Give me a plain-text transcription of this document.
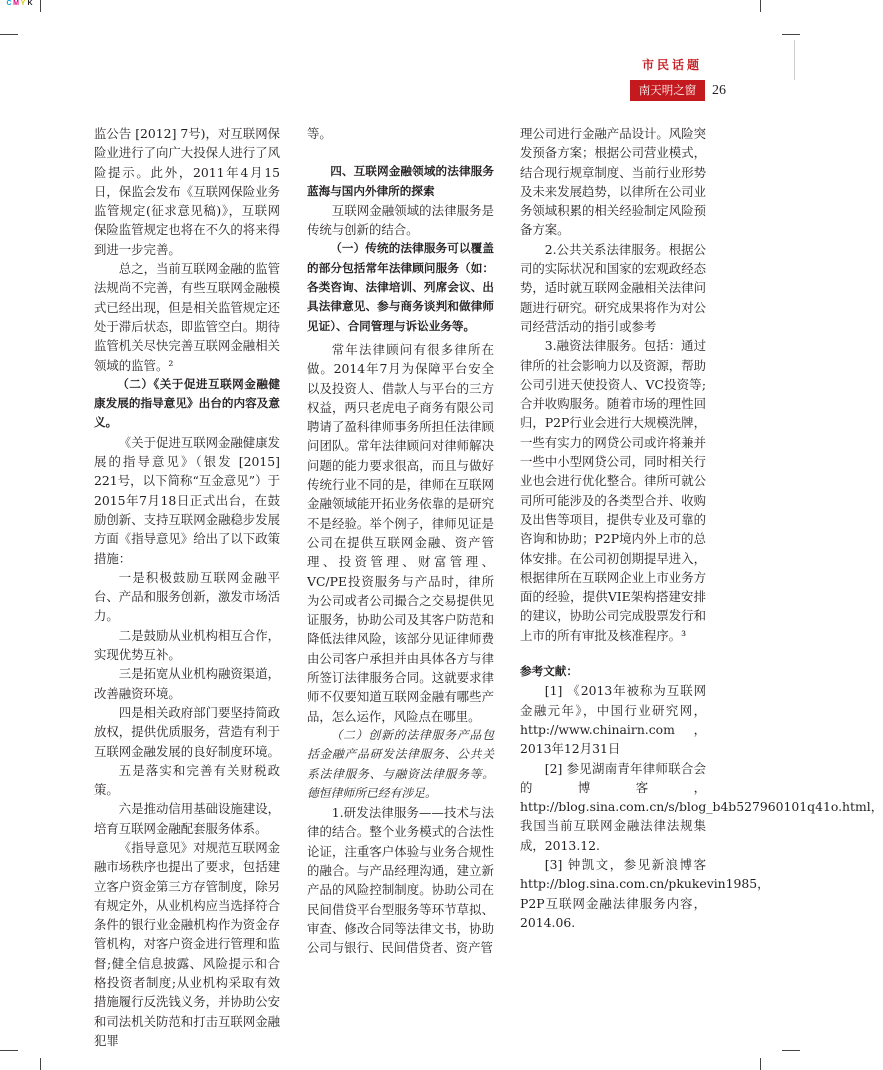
C M Y K
市民话题
南天明之窗	26

监公告 [2012] 7号)，对互联网保险业进行了向广大投保人进行了风险提示。此外，2011年4月15日，保监会发布《互联网保险业务监管规定(征求意见稿)》，互联网保险监管规定也将在不久的将来得到进一步完善。

总之，当前互联网金融的监管法规尚不完善，有些互联网金融模式已经出现，但是相关监管规定还处于滞后状态，即监管空白。期待监管机关尽快完善互联网金融相关领域的监管。²

（二）《关于促进互联网金融健康发展的指导意见》出台的内容及意义。

《关于促进互联网金融健康发展的指导意见》（银发 [2015] 221号，以下简称“互金意见”）于2015年7月18日正式出台，在鼓励创新、支持互联网金融稳步发展方面《指导意见》给出了以下政策措施：

一是积极鼓励互联网金融平台、产品和服务创新，激发市场活力。

二是鼓励从业机构相互合作，实现优势互补。

三是拓宽从业机构融资渠道，改善融资环境。

四是相关政府部门要坚持简政放权，提供优质服务，营造有利于互联网金融发展的良好制度环境。

五是落实和完善有关财税政策。

六是推动信用基础设施建设，培育互联网金融配套服务体系。

《指导意见》对规范互联网金融市场秩序也提出了要求，包括建立客户资金第三方存管制度，除另有规定外，从业机构应当选择符合条件的银行业金融机构作为资金存管机构，对客户资金进行管理和监督;健全信息披露、风险提示和合格投资者制度;从业机构采取有效措施履行反洗钱义务，并协助公安和司法机关防范和打击互联网金融犯罪

等。

四、互联网金融领域的法律服务蓝海与国内外律所的探索

互联网金融领域的法律服务是传统与创新的结合。

（一）传统的法律服务可以覆盖的部分包括常年法律顾问服务（如：各类咨询、法律培训、列席会议、出具法律意见、参与商务谈判和做律师见证）、合同管理与诉讼业务等。

常年法律顾问有很多律所在做。2014年7月为保障平台安全以及投资人、借款人与平台的三方权益，两只老虎电子商务有限公司聘请了盈科律师事务所担任法律顾问团队。常年法律顾问对律师解决问题的能力要求很高，而且与做好传统行业不同的是，律师在互联网金融领域能开拓业务依靠的是研究不是经验。举个例子，律师见证是公司在提供互联网金融、资产管理、投资管理、财富管理、VC/PE投资服务与产品时，律所为公司或者公司撮合之交易提供见证服务，协助公司及其客户防范和降低法律风险，该部分见证律师费由公司客户承担并由具体各方与律所签订法律服务合同。这就要求律师不仅要知道互联网金融有哪些产品，怎么运作，风险点在哪里。

（二）创新的法律服务产品包括金融产品研发法律服务、公共关系法律服务、与融资法律服务等。德恒律师所已经有涉足。

1.研发法律服务——技术与法律的结合。整个业务模式的合法性论证，注重客户体验与业务合规性的融合。与产品经理沟通，建立新产品的风险控制制度。协助公司在民间借贷平台型服务等环节草拟、审查、修改合同等法律文书，协助公司与银行、民间借贷者、资产管

理公司进行金融产品设计。风险突发预备方案；根据公司营业模式，结合现行规章制度、当前行业形势及未来发展趋势，以律所在公司业务领域积累的相关经验制定风险预备方案。

2.公共关系法律服务。根据公司的实际状况和国家的宏观政经态势，适时就互联网金融相关法律问题进行研究。研究成果将作为对公司经营活动的指引或参考

3.融资法律服务。包括：通过律所的社会影响力以及资源，帮助公司引进天使投资人、VC投资等;合并收购服务。随着市场的理性回归，P2P行业会进行大规模洗牌，一些有实力的网贷公司或许将兼并一些中小型网贷公司，同时相关行业也会进行优化整合。律所可就公司所可能涉及的各类型合并、收购及出售等项目，提供专业及可靠的咨询和协助；P2P境内外上市的总体安排。在公司初创期提早进入，根据律所在互联网企业上市业务方面的经验，提供VIE架构搭建安排的建议，协助公司完成股票发行和上市的所有审批及核准程序。³

参考文献：

[1] 《2013年被称为互联网金融元年》，中国行业研究网，http://www.chinairn.com，2013年12月31日

[2] 参见湖南青年律师联合会的博客，http://blog.sina.com.cn/s/blog_b4b527960101q41o.html，我国当前互联网金融法律法规集成，2013.12.

[3] 钟凯文，参见新浪博客http://blog.sina.com.cn/pkukevin1985，P2P互联网金融法律服务内容，2014.06.
